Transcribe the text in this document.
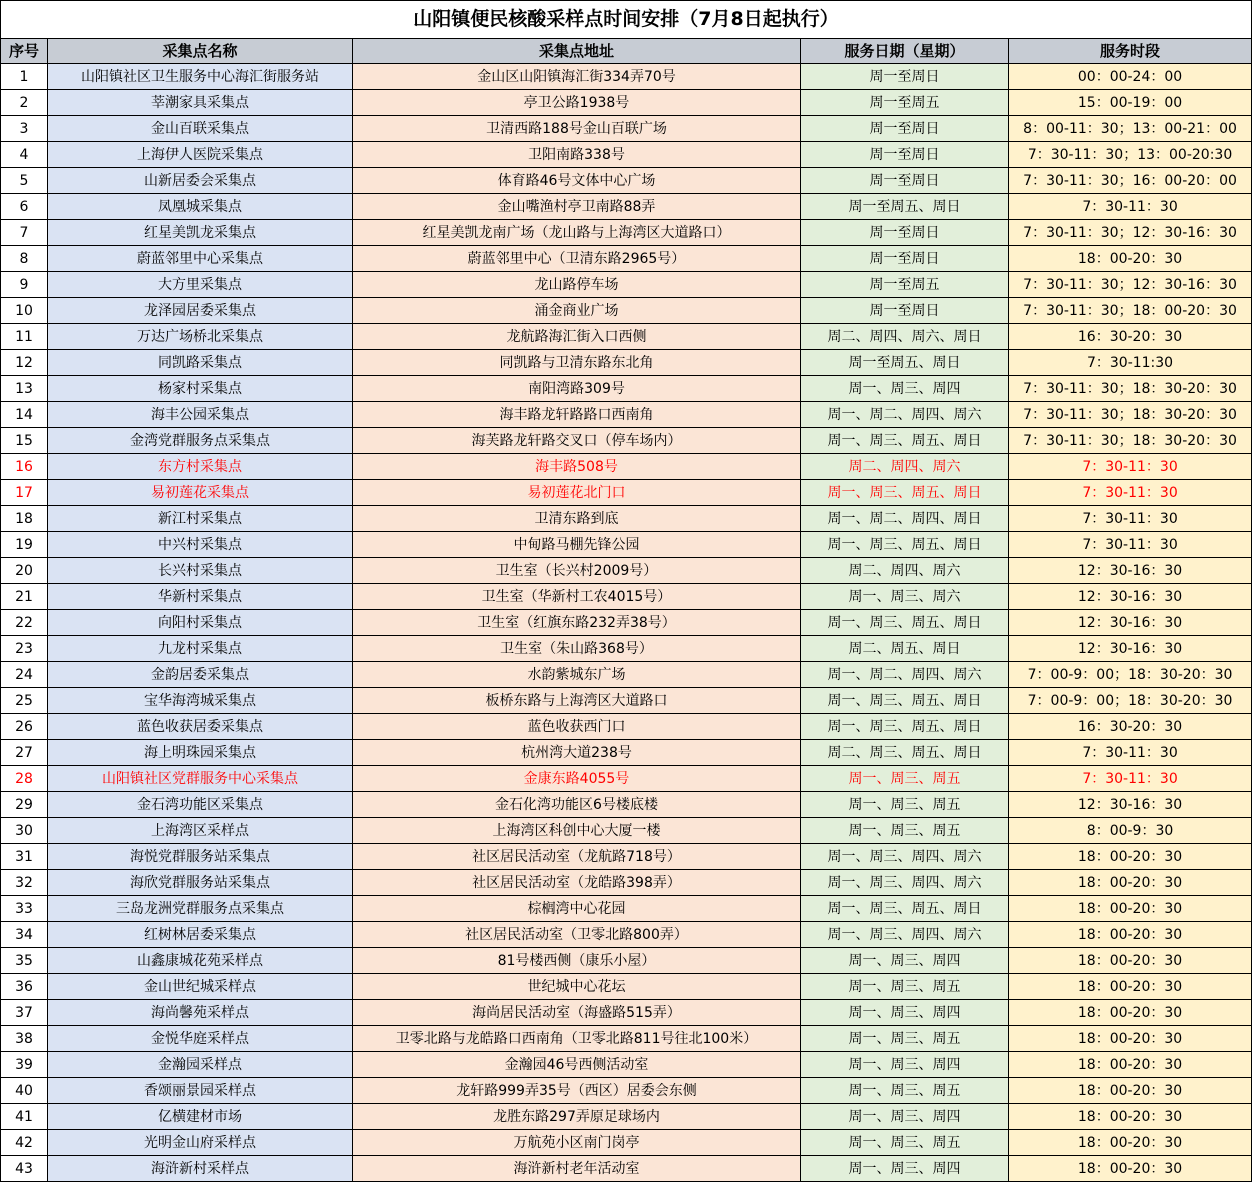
山阳镇便民核酸采样点时间安排（7月8日起执行）				
序号	采集点名称	采集点地址	服务日期（星期）	服务时段
1	山阳镇社区卫生服务中心海汇街服务站	金山区山阳镇海汇街334弄70号	周一至周日	00：00-24：00
2	莘潮家具采集点	亭卫公路1938号	周一至周五	15：00-19：00
3	金山百联采集点	卫清西路188号金山百联广场	周一至周日	8：00-11：30；13：00-21：00
4	上海伊人医院采集点	卫阳南路338号	周一至周日	7：30-11：30；13：00-20:30
5	山新居委会采集点	体育路46号文体中心广场	周一至周日	7：30-11：30；16：00-20：00
6	凤凰城采集点	金山嘴渔村亭卫南路88弄	周一至周五、周日	7：30-11：30
7	红星美凯龙采集点	红星美凯龙南广场（龙山路与上海湾区大道路口）	周一至周日	7：30-11：30；12：30-16：30
8	蔚蓝邻里中心采集点	蔚蓝邻里中心（卫清东路2965号）	周一至周日	18：00-20：30
9	大方里采集点	龙山路停车场	周一至周五	7：30-11：30；12：30-16：30
10	龙泽园居委采集点	涌金商业广场	周一至周日	7：30-11：30；18：00-20：30
11	万达广场桥北采集点	龙航路海汇街入口西侧	周二、周四、周六、周日	16：30-20：30
12	同凯路采集点	同凯路与卫清东路东北角	周一至周五、周日	7：30-11:30
13	杨家村采集点	南阳湾路309号	周一、周三、周四	7：30-11：30；18：30-20：30
14	海丰公园采集点	海丰路龙轩路路口西南角	周一、周二、周四、周六	7：30-11：30；18：30-20：30
15	金湾党群服务点采集点	海芙路龙轩路交叉口（停车场内）	周一、周三、周五、周日	7：30-11：30；18：30-20：30
16	东方村采集点	海丰路508号	周二、周四、周六	7：30-11：30
17	易初莲花采集点	易初莲花北门口	周一、周三、周五、周日	7：30-11：30
18	新江村采集点	卫清东路到底	周一、周二、周四、周日	7：30-11：30
19	中兴村采集点	中甸路马棚先锋公园	周一、周三、周五、周日	7：30-11：30
20	长兴村采集点	卫生室（长兴村2009号）	周二、周四、周六	12：30-16：30
21	华新村采集点	卫生室（华新村工农4015号）	周一、周三、周六	12：30-16：30
22	向阳村采集点	卫生室（红旗东路232弄38号）	周一、周三、周五、周日	12：30-16：30
23	九龙村采集点	卫生室（朱山路368号）	周二、周五、周日	12：30-16：30
24	金韵居委采集点	水韵紫城东广场	周一、周二、周四、周六	7：00-9：00；18：30-20：30
25	宝华海湾城采集点	板桥东路与上海湾区大道路口	周一、周三、周五、周日	7：00-9：00；18：30-20：30
26	蓝色收获居委采集点	蓝色收获西门口	周一、周三、周五、周日	16：30-20：30
27	海上明珠园采集点	杭州湾大道238号	周二、周三、周五、周日	7：30-11：30
28	山阳镇社区党群服务中心采集点	金康东路4055号	周一、周三、周五	7：30-11：30
29	金石湾功能区采集点	金石化湾功能区6号楼底楼	周一、周三、周五	12：30-16：30
30	上海湾区采样点	上海湾区科创中心大厦一楼	周一、周三、周五	8：00-9：30
31	海悦党群服务站采集点	社区居民活动室（龙航路718号）	周一、周三、周四、周六	18：00-20：30
32	海欣党群服务站采集点	社区居民活动室（龙皓路398弄）	周一、周三、周四、周六	18：00-20：30
33	三岛龙洲党群服务点采集点	棕榈湾中心花园	周一、周三、周五、周日	18：00-20：30
34	红树林居委采集点	社区居民活动室（卫零北路800弄）	周一、周三、周四、周六	18：00-20：30
35	山鑫康城花苑采样点	81号楼西侧（康乐小屋）	周一、周三、周四	18：00-20：30
36	金山世纪城采样点	世纪城中心花坛	周一、周三、周五	18：00-20：30
37	海尚馨苑采样点	海尚居民活动室（海盛路515弄）	周一、周三、周四	18：00-20：30
38	金悦华庭采样点	卫零北路与龙皓路口西南角（卫零北路811号往北100米）	周一、周三、周五	18：00-20：30
39	金瀚园采样点	金瀚园46号西侧活动室	周一、周三、周四	18：00-20：30
40	香颂丽景园采样点	龙轩路999弄35号（西区）居委会东侧	周一、周三、周五	18：00-20：30
41	亿横建材市场	龙胜东路297弄原足球场内	周一、周三、周四	18：00-20：30
42	光明金山府采样点	万航苑小区南门岗亭	周一、周三、周五	18：00-20：30
43	海浒新村采样点	海浒新村老年活动室	周一、周三、周四	18：00-20：30
